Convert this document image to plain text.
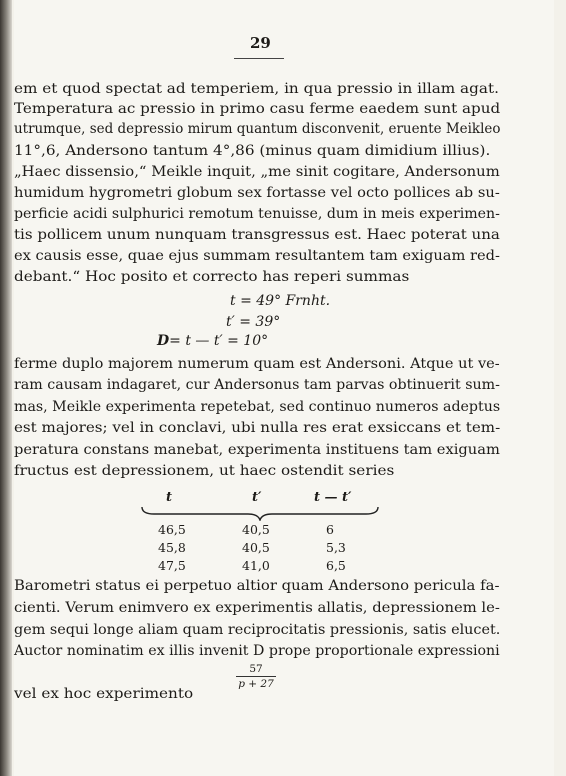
29
em et quod spectat ad temperiem, in qua pressio in illam agat.
Temperatura ac pressio in primo casu ferme eaedem sunt apud
utrumque, sed depressio mirum quantum disconvenit, eruente Meikleo
11°,6, Andersono tantum 4°,86 (minus quam dimidium illius).
„Haec dissensio,“ Meikle inquit, „me sinit cogitare, Andersonum
humidum hygrometri globum sex fortasse vel octo pollices ab su-
perficie acidi sulphurici remotum tenuisse, dum in meis experimen-
tis pollicem unum nunquam transgressus est. Haec poterat una
ex causis esse, quae ejus summam resultantem tam exiguam red-
debant.“ Hoc posito et correcto has reperi summas
t = 49° Frnht.
t′ = 39°
D= t — t′ = 10°
ferme duplo majorem numerum quam est Andersoni. Atque ut ve-
ram causam indagaret, cur Andersonus tam parvas obtinuerit sum-
mas, Meikle experimenta repetebat, sed continuo numeros adeptus
est majores; vel in conclavi, ubi nulla res erat exsiccans et tem-
peratura constans manebat, experimenta instituens tam exiguam
fructus est depressionem, ut haec ostendit series
t	t′	t — t′
46,5	40,5	6
45,8	40,5	5,3
47,5	41,0	6,5
Barometri status ei perpetuo altior quam Andersono pericula fa-
cienti. Verum enimvero ex experimentis allatis, depressionem le-
gem sequi longe aliam quam reciprocitatis pressionis, satis elucet.
Auctor nominatim ex illis invenit D prope proportionale expressioni
$\frac{57}{p + 27}$
vel ex hoc experimento
